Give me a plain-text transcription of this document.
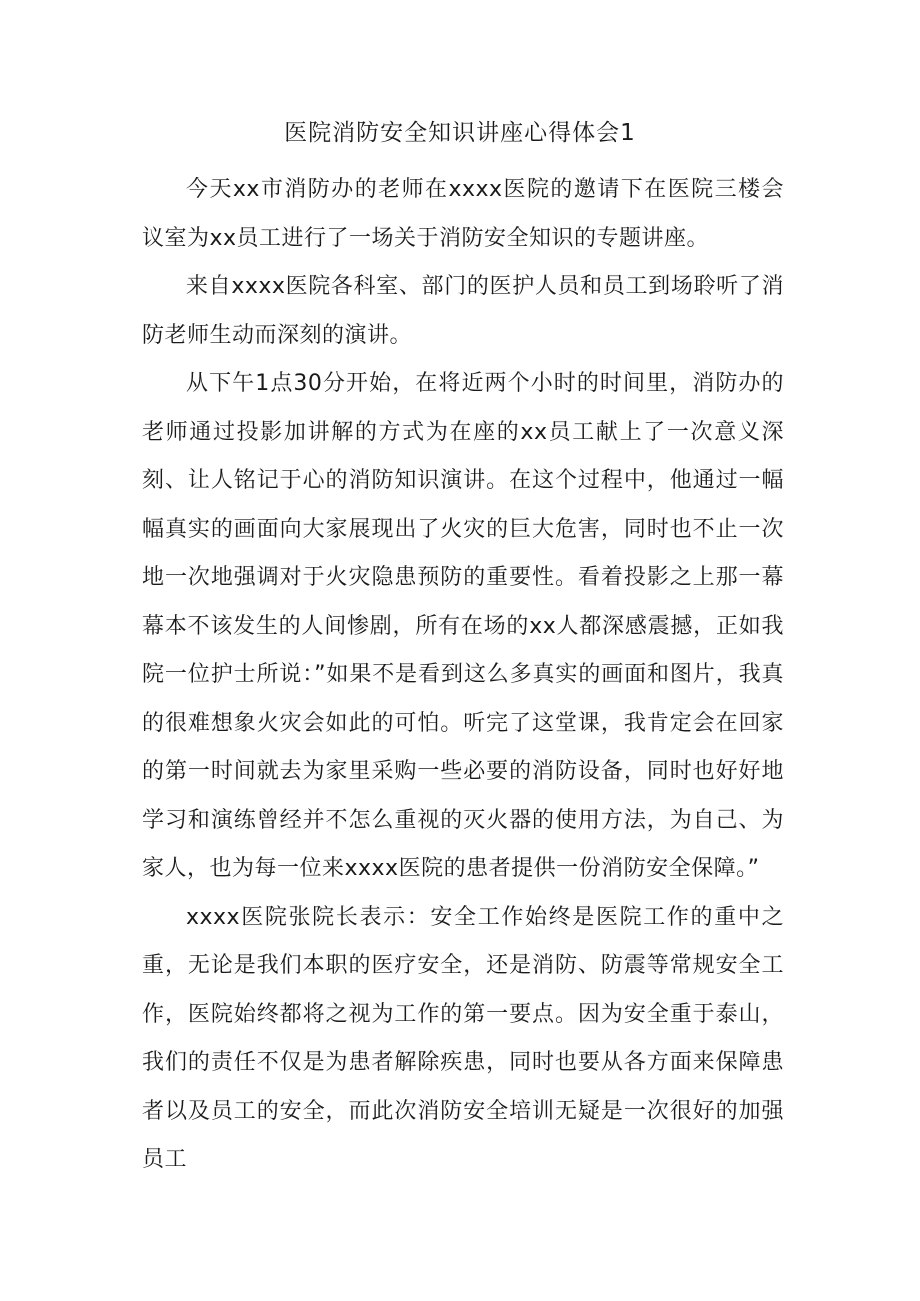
医院消防安全知识讲座心得体会1

今天xx市消防办的老师在xxxx医院的邀请下在医院三楼会议室为xx员工进行了一场关于消防安全知识的专题讲座。

来自xxxx医院各科室、部门的医护人员和员工到场聆听了消防老师生动而深刻的演讲。

从下午1点30分开始，在将近两个小时的时间里，消防办的老师通过投影加讲解的方式为在座的xx员工献上了一次意义深刻、让人铭记于心的消防知识演讲。在这个过程中，他通过一幅幅真实的画面向大家展现出了火灾的巨大危害，同时也不止一次地一次地强调对于火灾隐患预防的重要性。看着投影之上那一幕幕本不该发生的人间惨剧，所有在场的xx人都深感震撼，正如我院一位护士所说：”如果不是看到这么多真实的画面和图片，我真的很难想象火灾会如此的可怕。听完了这堂课，我肯定会在回家的第一时间就去为家里采购一些必要的消防设备，同时也好好地学习和演练曾经并不怎么重视的灭火器的使用方法，为自己、为家人，也为每一位来xxxx医院的患者提供一份消防安全保障。”

xxxx医院张院长表示：安全工作始终是医院工作的重中之重，无论是我们本职的医疗安全，还是消防、防震等常规安全工作，医院始终都将之视为工作的第一要点。因为安全重于泰山，我们的责任不仅是为患者解除疾患，同时也要从各方面来保障患者以及员工的安全，而此次消防安全培训无疑是一次很好的加强员工
